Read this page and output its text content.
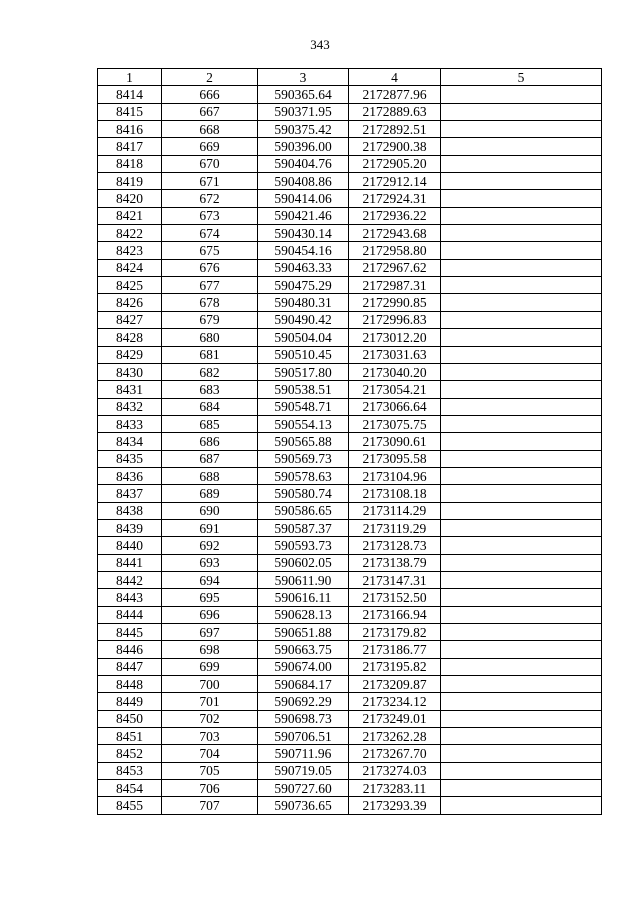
343
1	2	3	4	5
8414	666	590365.64	2172877.96	
8415	667	590371.95	2172889.63	
8416	668	590375.42	2172892.51	
8417	669	590396.00	2172900.38	
8418	670	590404.76	2172905.20	
8419	671	590408.86	2172912.14	
8420	672	590414.06	2172924.31	
8421	673	590421.46	2172936.22	
8422	674	590430.14	2172943.68	
8423	675	590454.16	2172958.80	
8424	676	590463.33	2172967.62	
8425	677	590475.29	2172987.31	
8426	678	590480.31	2172990.85	
8427	679	590490.42	2172996.83	
8428	680	590504.04	2173012.20	
8429	681	590510.45	2173031.63	
8430	682	590517.80	2173040.20	
8431	683	590538.51	2173054.21	
8432	684	590548.71	2173066.64	
8433	685	590554.13	2173075.75	
8434	686	590565.88	2173090.61	
8435	687	590569.73	2173095.58	
8436	688	590578.63	2173104.96	
8437	689	590580.74	2173108.18	
8438	690	590586.65	2173114.29	
8439	691	590587.37	2173119.29	
8440	692	590593.73	2173128.73	
8441	693	590602.05	2173138.79	
8442	694	590611.90	2173147.31	
8443	695	590616.11	2173152.50	
8444	696	590628.13	2173166.94	
8445	697	590651.88	2173179.82	
8446	698	590663.75	2173186.77	
8447	699	590674.00	2173195.82	
8448	700	590684.17	2173209.87	
8449	701	590692.29	2173234.12	
8450	702	590698.73	2173249.01	
8451	703	590706.51	2173262.28	
8452	704	590711.96	2173267.70	
8453	705	590719.05	2173274.03	
8454	706	590727.60	2173283.11	
8455	707	590736.65	2173293.39	
